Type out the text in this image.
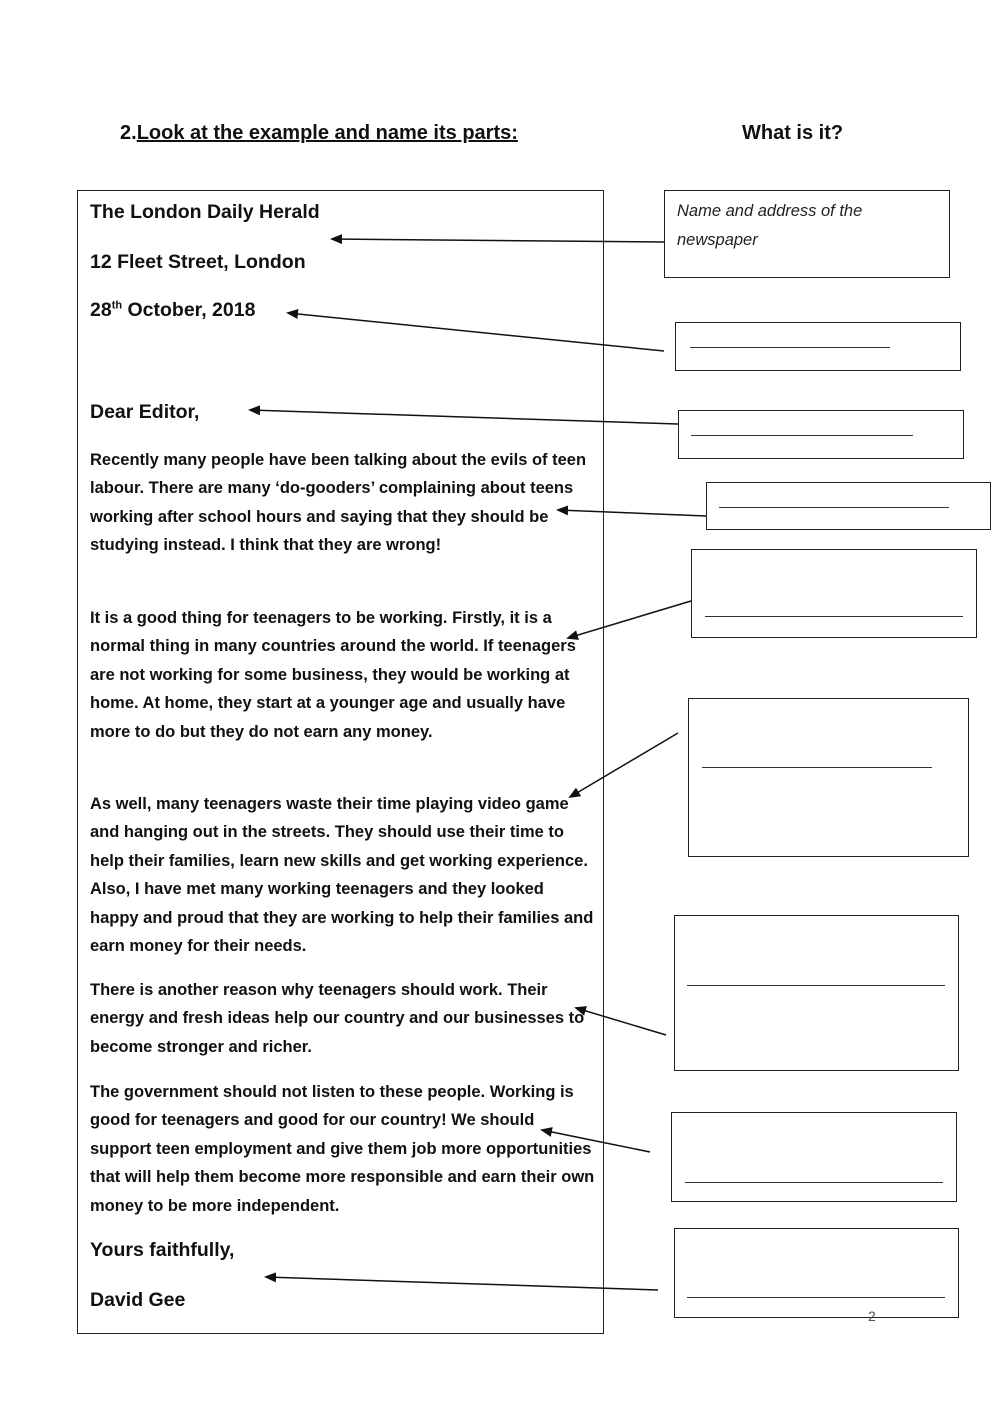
2.Look at the example and name its parts:	What is it?
The London Daily Herald
12 Fleet Street, London
28th October, 2018
Dear Editor,
Recently many people have been talking about the evils of teen labour. There are many ‘do-gooders’ complaining about teens working after school hours and saying that they should be studying instead. I think that they are wrong!
It is a good thing for teenagers to be working. Firstly, it is a normal thing in many countries around the world. If teenagers are not working for some business, they would be working at home. At home, they start at a younger age and usually have more to do but they do not earn any money.
As well, many teenagers waste their time playing video game and hanging out in the streets. They should use their time to help their families, learn new skills and get working experience. Also, I have met many working teenagers and they looked happy and proud that they are working to help their families and earn money for their needs.
There is another reason why teenagers should work. Their energy and fresh ideas help our country and our businesses to become stronger and richer.
The government should not listen to these people. Working is good for teenagers and good for our country! We should support teen employment and give them job more opportunities that will help them become more responsible and earn their own money to be more independent.
Yours faithfully,
David Gee
Name and address of the newspaper
2
